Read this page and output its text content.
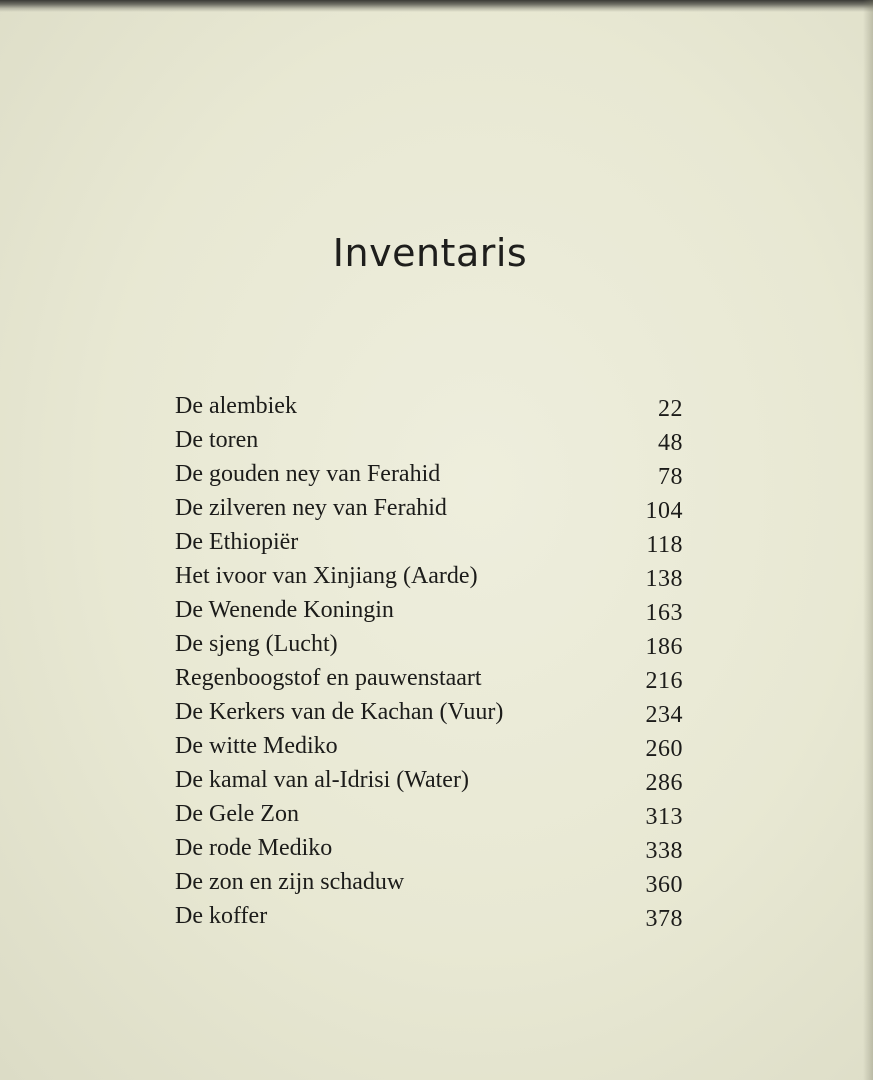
Inventaris
De alembiek	22
De toren	48
De gouden ney van Ferahid	78
De zilveren ney van Ferahid	104
De Ethiopiër	118
Het ivoor van Xinjiang (Aarde)	138
De Wenende Koningin	163
De sjeng (Lucht)	186
Regenboogstof en pauwenstaart	216
De Kerkers van de Kachan (Vuur)	234
De witte Mediko	260
De kamal van al-Idrisi (Water)	286
De Gele Zon	313
De rode Mediko	338
De zon en zijn schaduw	360
De koffer	378
